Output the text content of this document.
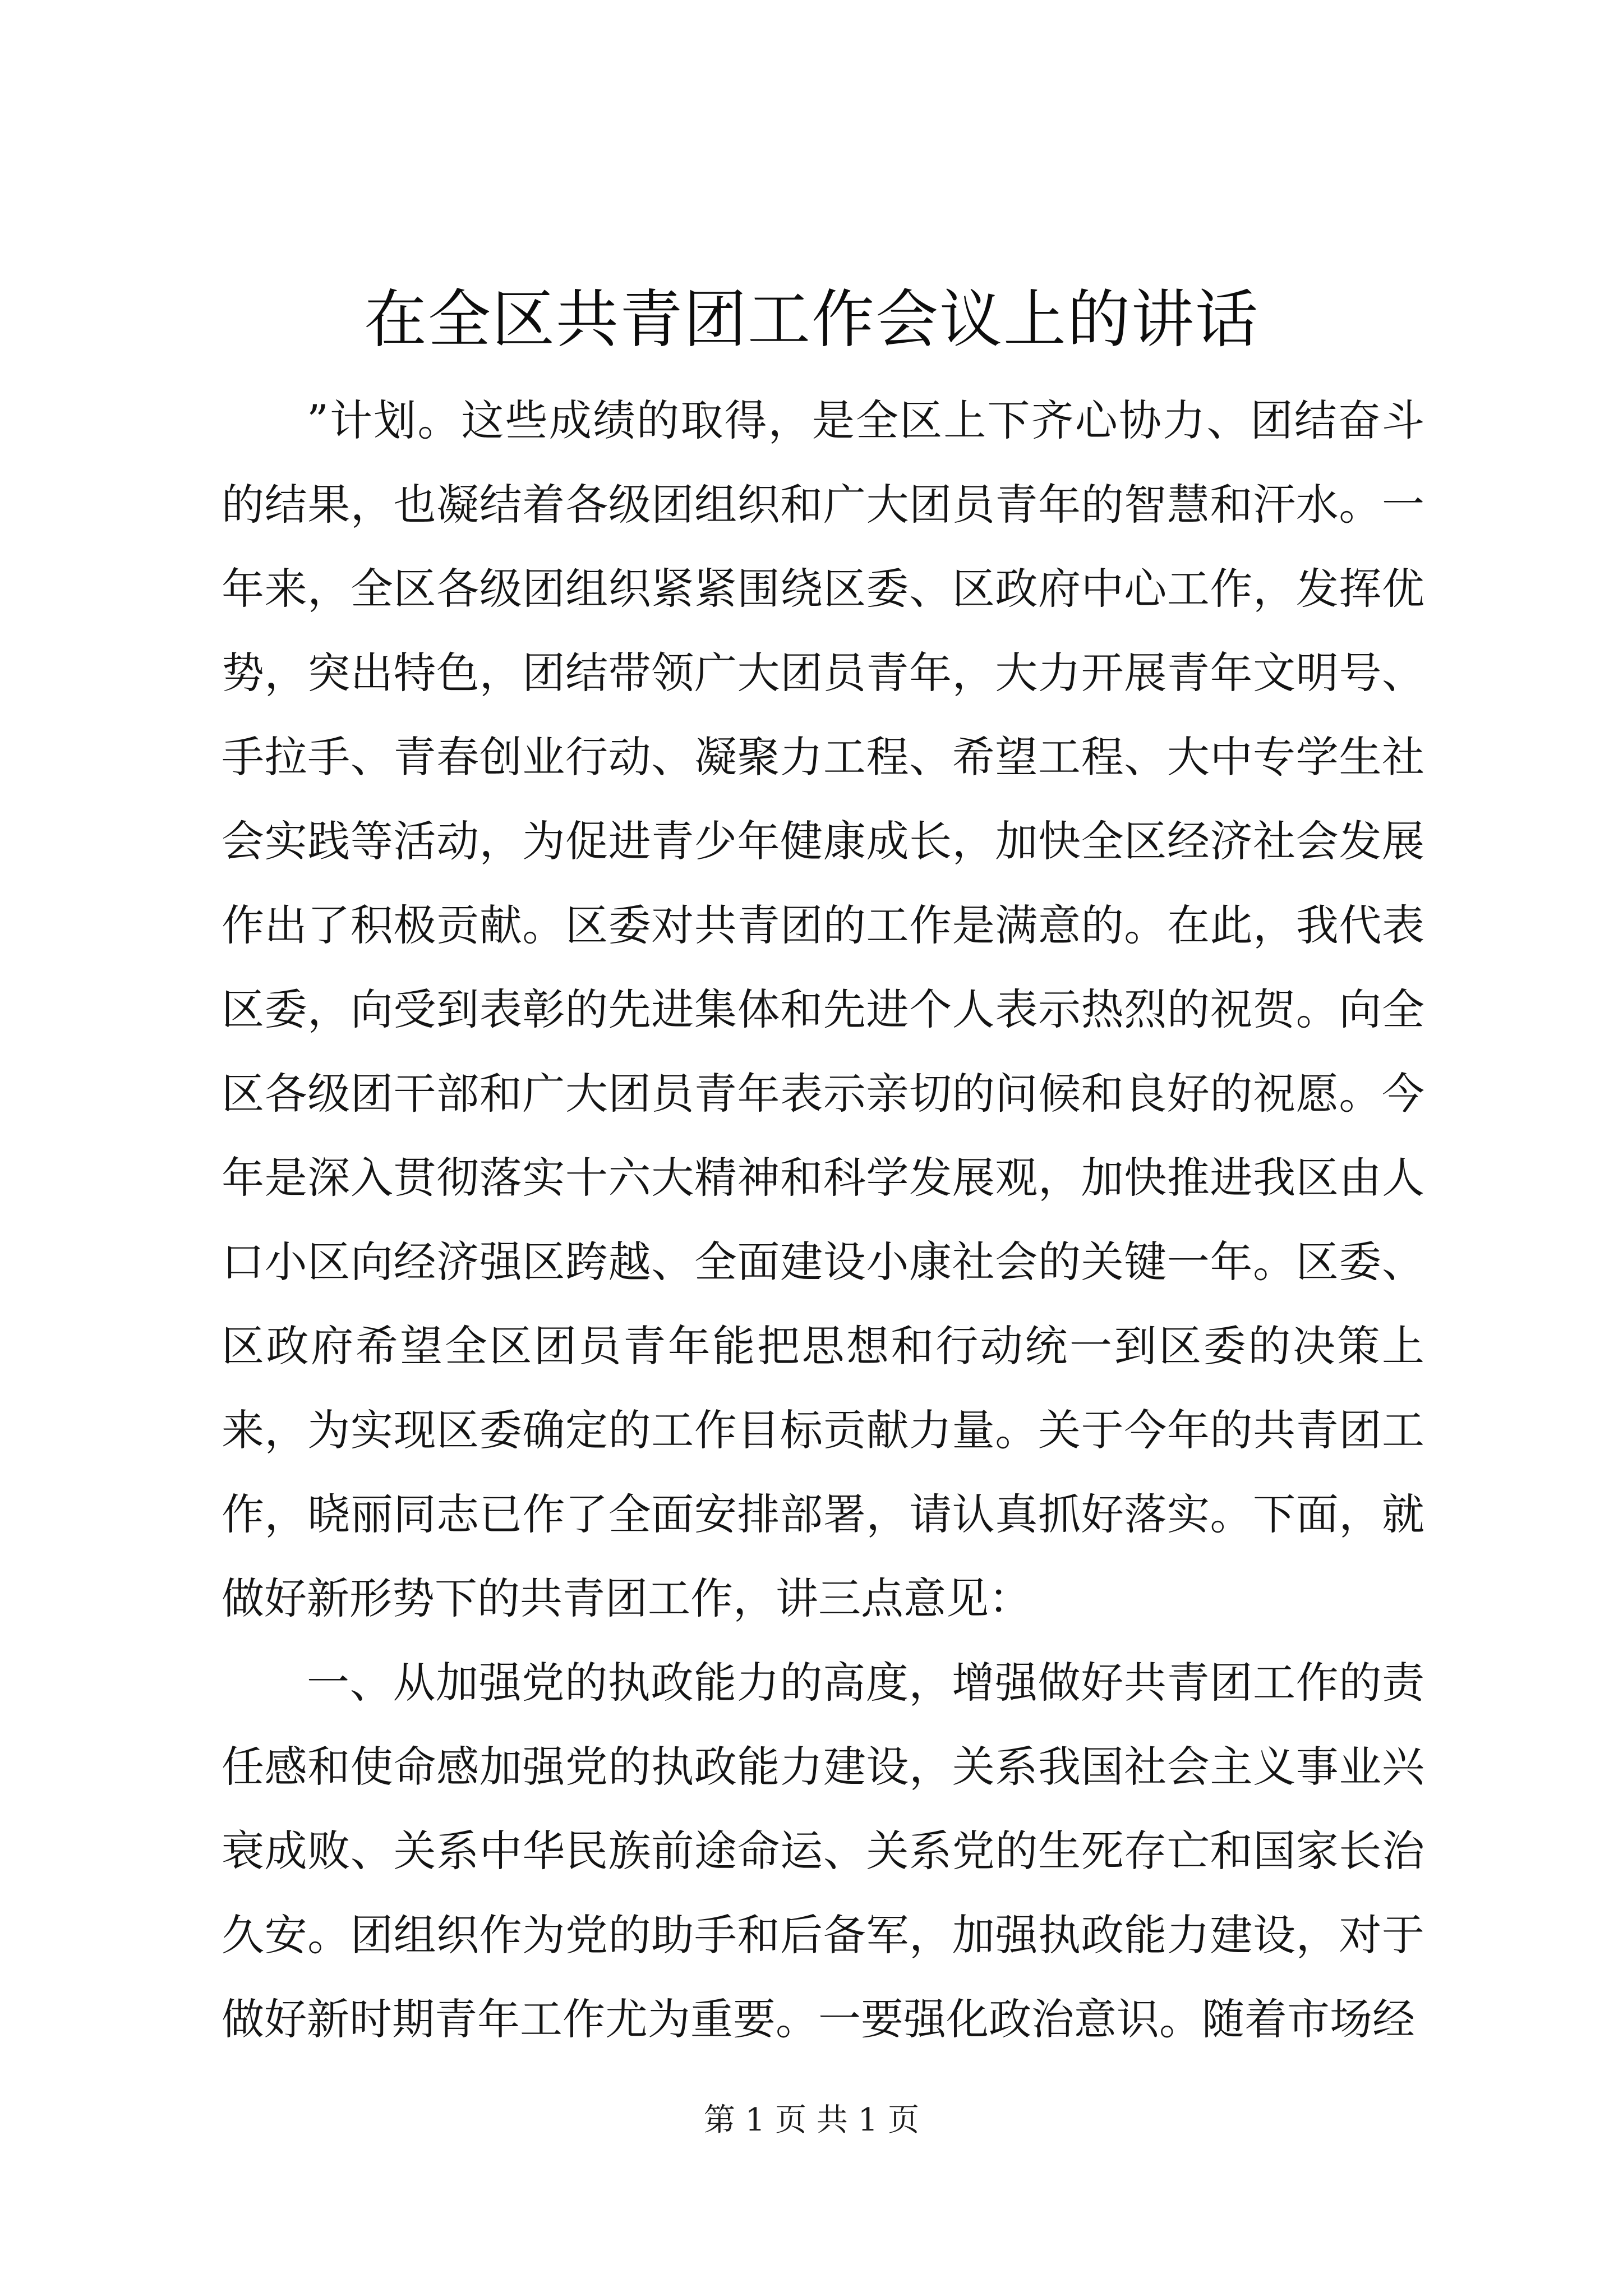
在全区共青团工作会议上的讲话

”计划。这些成绩的取得，是全区上下齐心协力、团结奋斗的结果，也凝结着各级团组织和广大团员青年的智慧和汗水。一年来，全区各级团组织紧紧围绕区委、区政府中心工作，发挥优势，突出特色，团结带领广大团员青年，大力开展青年文明号、手拉手、青春创业行动、凝聚力工程、希望工程、大中专学生社会实践等活动，为促进青少年健康成长，加快全区经济社会发展作出了积极贡献。区委对共青团的工作是满意的。在此，我代表区委，向受到表彰的先进集体和先进个人表示热烈的祝贺。向全区各级团干部和广大团员青年表示亲切的问候和良好的祝愿。今年是深入贯彻落实十六大精神和科学发展观，加快推进我区由人口小区向经济强区跨越、全面建设小康社会的关键一年。区委、区政府希望全区团员青年能把思想和行动统一到区委的决策上来，为实现区委确定的工作目标贡献力量。关于今年的共青团工作，晓丽同志已作了全面安排部署，请认真抓好落实。下面，就做好新形势下的共青团工作，讲三点意见：

一、从加强党的执政能力的高度，增强做好共青团工作的责任感和使命感加强党的执政能力建设，关系我国社会主义事业兴衰成败、关系中华民族前途命运、关系党的生死存亡和国家长治久安。团组织作为党的助手和后备军，加强执政能力建设，对于做好新时期青年工作尤为重要。一要强化政治意识。随着市场经

第 1 页 共 1 页
